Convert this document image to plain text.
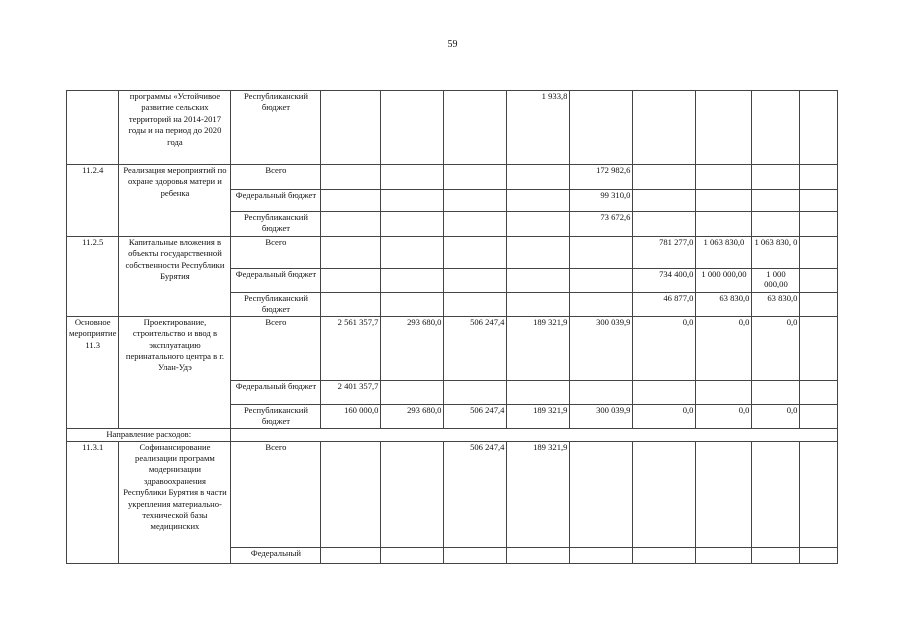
59
	программы «Устойчивое развитие сельских территорий на 2014-2017 годы и на период до 2020 года	Республиканский бюджет				1 933,8					
11.2.4	Реализация мероприятий по охране здоровья матери и ребенка	Всего					172 982,6				
		Федеральный бюджет					99 310,0				
		Республиканский бюджет					73 672,6				
11.2.5	Капитальные вложения в объекты государственной собственности Республики Бурятия	Всего						781 277,0	1 063 830,0	1 063 830, 0	
		Федеральный бюджет						734 400,0	1 000 000,00	1 000 000,00	
		Республиканский бюджет						46 877,0	63 830,0	63 830,0	
Основное мероприятие 11.3	Проектирование, строительство и ввод в эксплуатацию перинатального центра в г. Улан-Удэ	Всего	2 561 357,7	293 680,0	506 247,4	189 321,9	300 039,9	0,0	0,0	0,0	
		Федеральный бюджет	2 401 357,7								
		Республиканский бюджет	160 000,0	293 680,0	506 247,4	189 321,9	300 039,9	0,0	0,0	0,0	
Направление расходов:											
11.3.1	Софинансирование реализации программ модернизации здравоохранения Республики Бурятия в части укрепления материально-технической базы медицинских	Всего			506 247,4	189 321,9					
		Федеральный									
